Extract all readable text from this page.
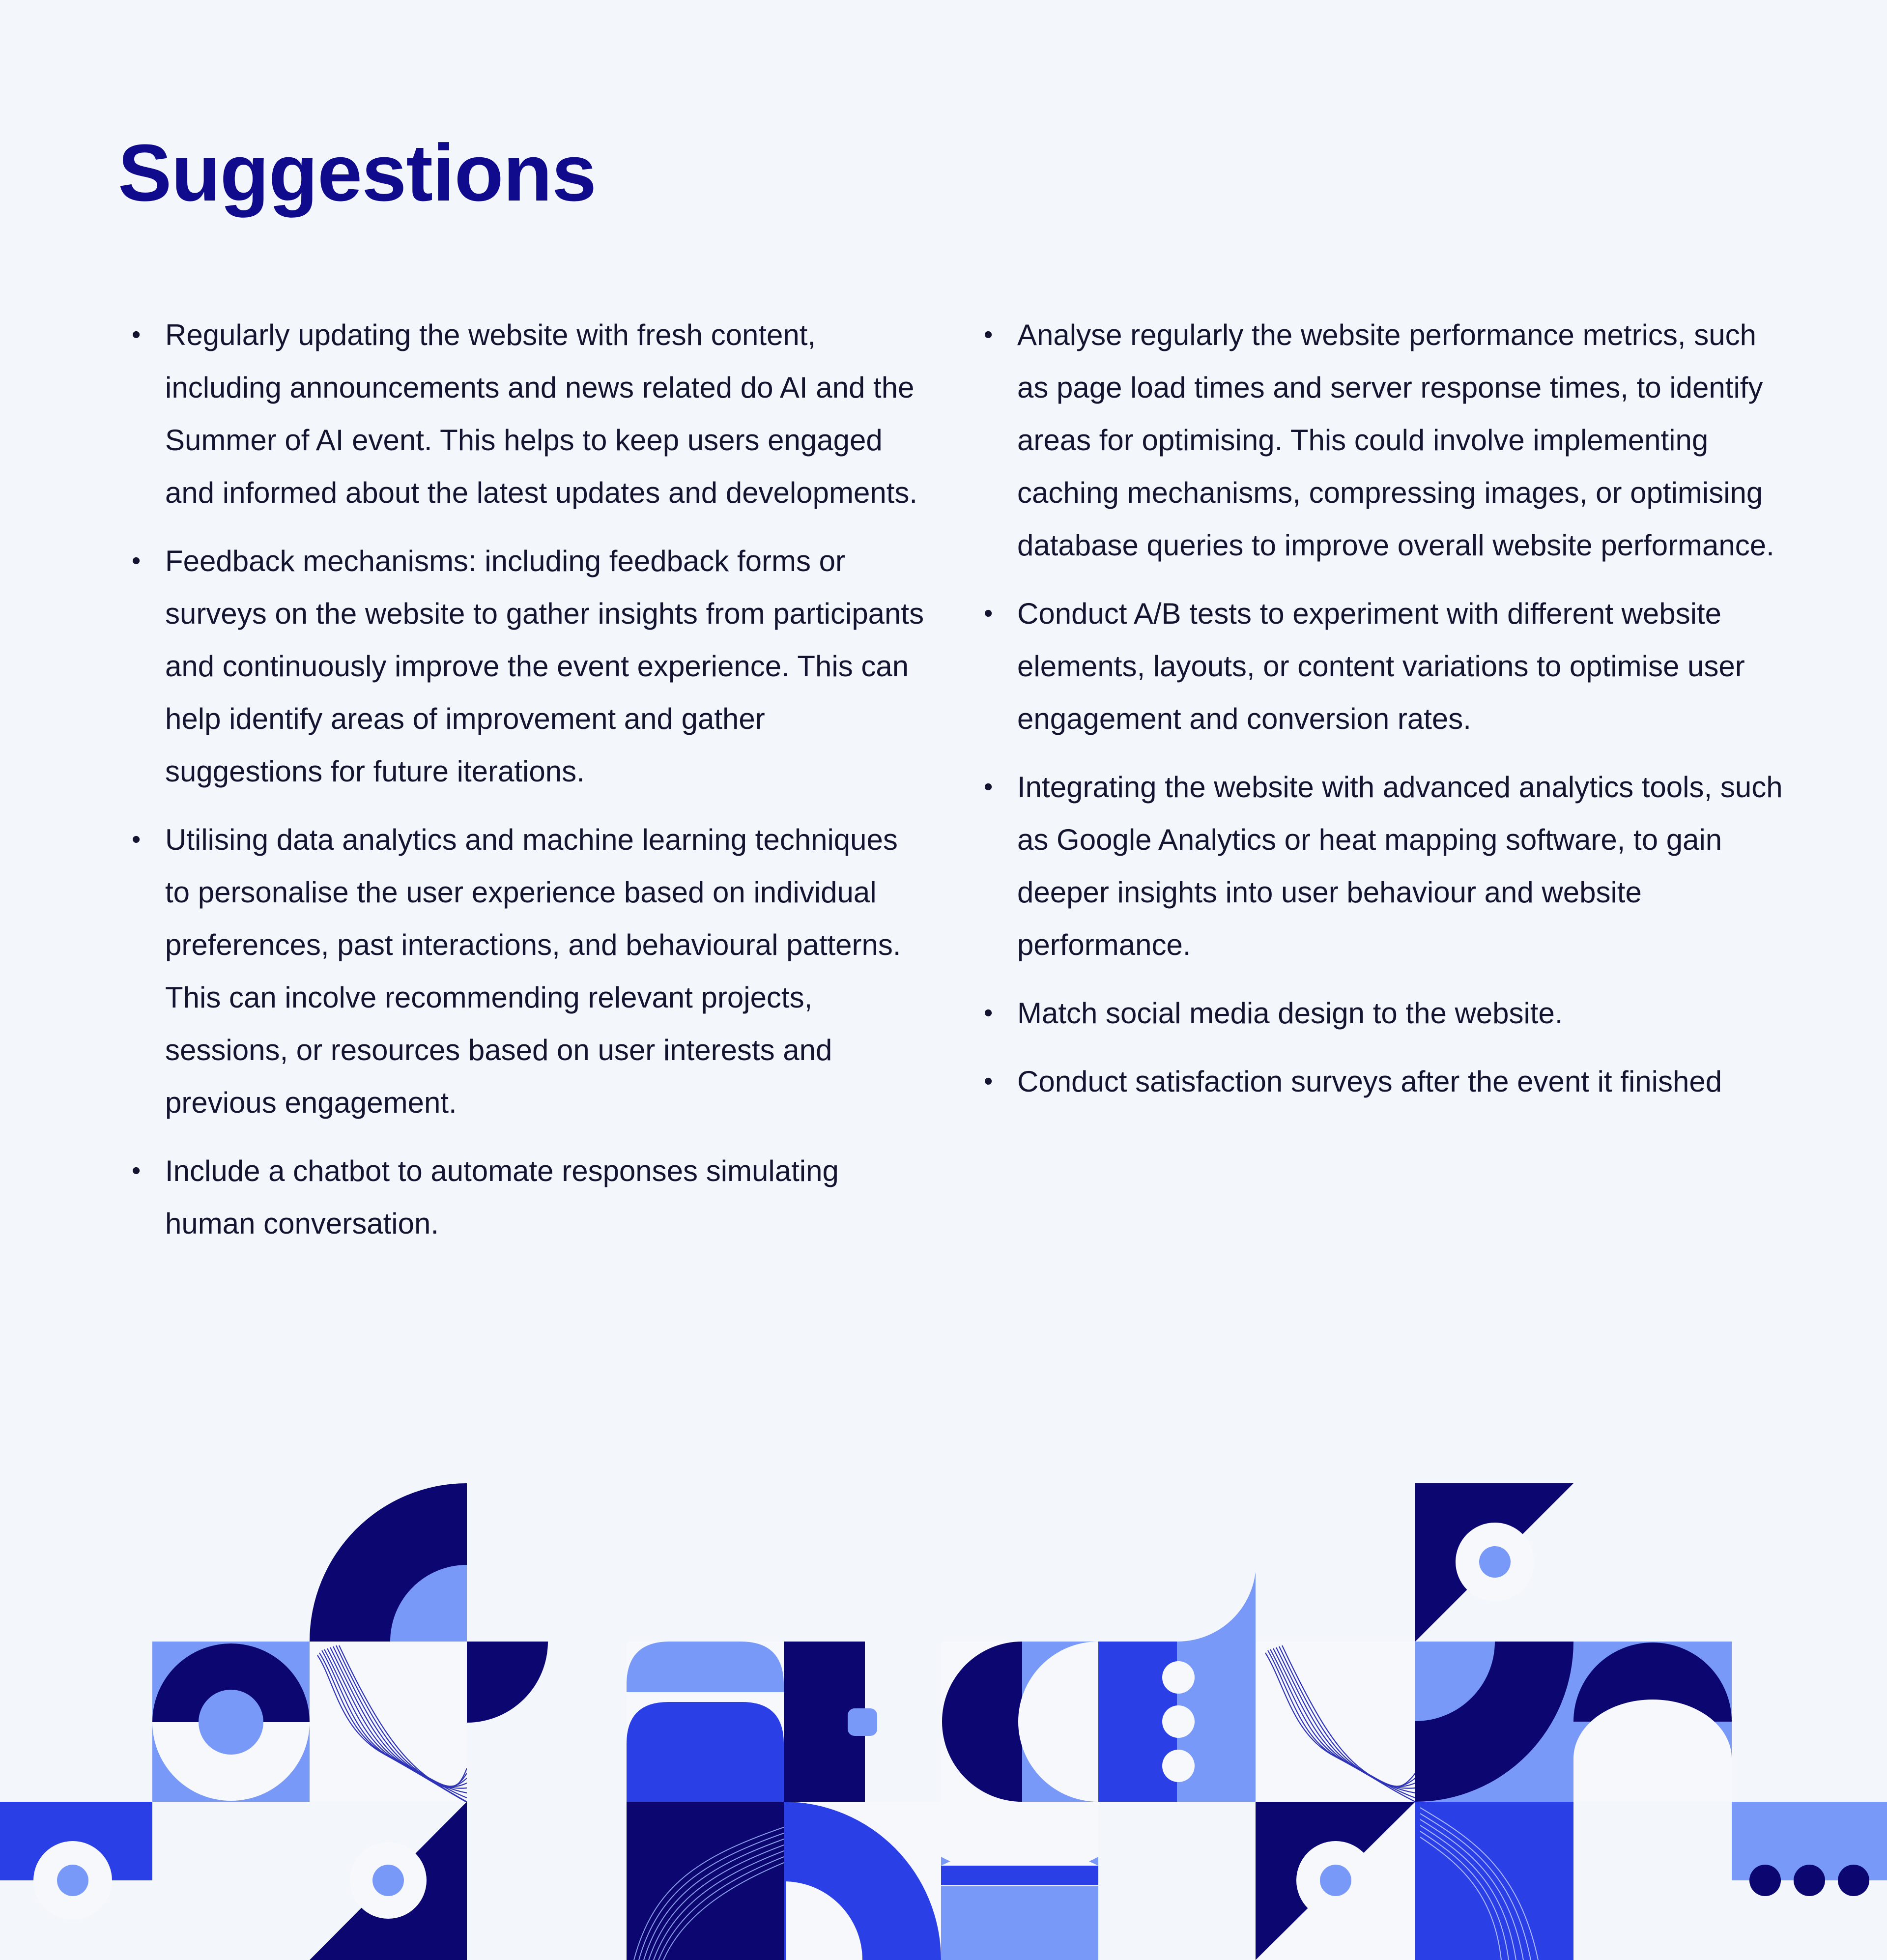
Suggestions
• Regularly updating the website with fresh content, including announcements and news related do AI and the Summer of AI event. This helps to keep users engaged and informed about the latest updates and developments.
• Feedback mechanisms: including feedback forms or surveys on the website to gather insights from participants and continuously improve the event experience. This can help identify areas of improvement and gather suggestions for future iterations.
• Utilising data analytics and machine learning techniques to personalise the user experience based on individual preferences, past interactions, and behavioural patterns. This can incolve recommending relevant projects, sessions, or resources based on user interests and previous engagement.
• Include a chatbot to automate responses simulating human conversation.
• Analyse regularly the website performance metrics, such as page load times and server response times, to identify areas for optimising. This could involve implementing caching mechanisms, compressing images, or optimising database queries to improve overall website performance.
• Conduct A/B tests to experiment with different website elements, layouts, or content variations to optimise user engagement and conversion rates.
• Integrating the website with advanced analytics tools, such as Google Analytics or heat mapping software, to gain deeper insights into user behaviour and website performance.
• Match social media design to the website.
• Conduct satisfaction surveys after the event it finished
